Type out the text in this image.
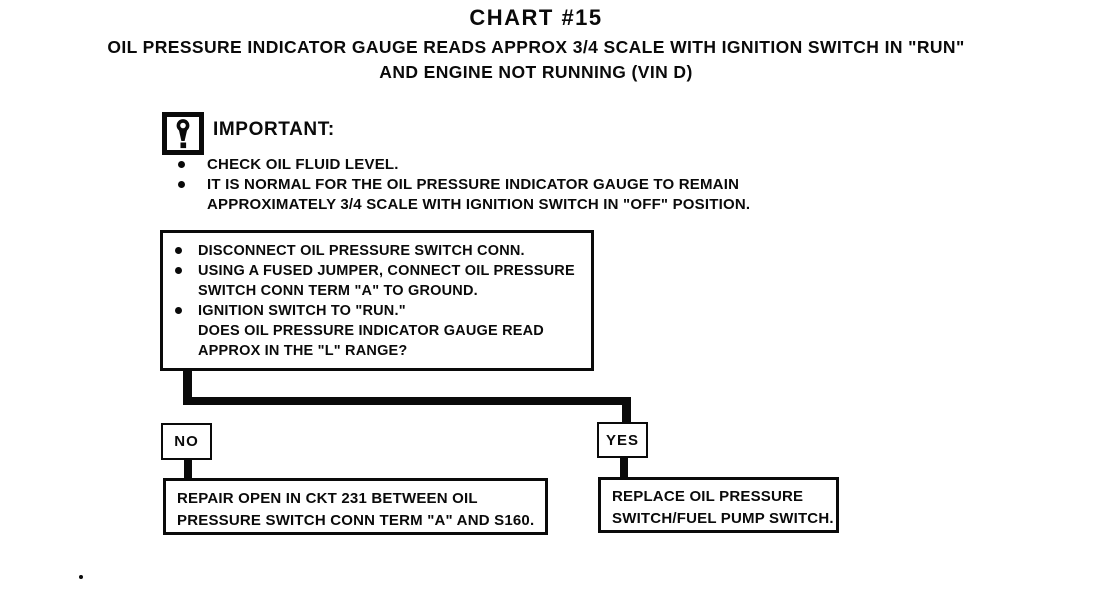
CHART #15
OIL PRESSURE INDICATOR GAUGE READS APPROX 3/4 SCALE WITH IGNITION SWITCH IN "RUN"
AND ENGINE NOT RUNNING (VIN D)
IMPORTANT:
CHECK OIL FLUID LEVEL.
IT IS NORMAL FOR THE OIL PRESSURE INDICATOR GAUGE TO REMAIN
APPROXIMATELY 3/4 SCALE WITH IGNITION SWITCH IN "OFF" POSITION.
DISCONNECT OIL PRESSURE SWITCH CONN.
USING A FUSED JUMPER, CONNECT OIL PRESSURE
SWITCH CONN TERM "A" TO GROUND.
IGNITION SWITCH TO "RUN."
DOES OIL PRESSURE INDICATOR GAUGE READ
APPROX IN THE "L" RANGE?
NO	YES
REPAIR OPEN IN CKT 231 BETWEEN OIL
PRESSURE SWITCH CONN TERM "A" AND S160.
REPLACE OIL PRESSURE
SWITCH/FUEL PUMP SWITCH.
